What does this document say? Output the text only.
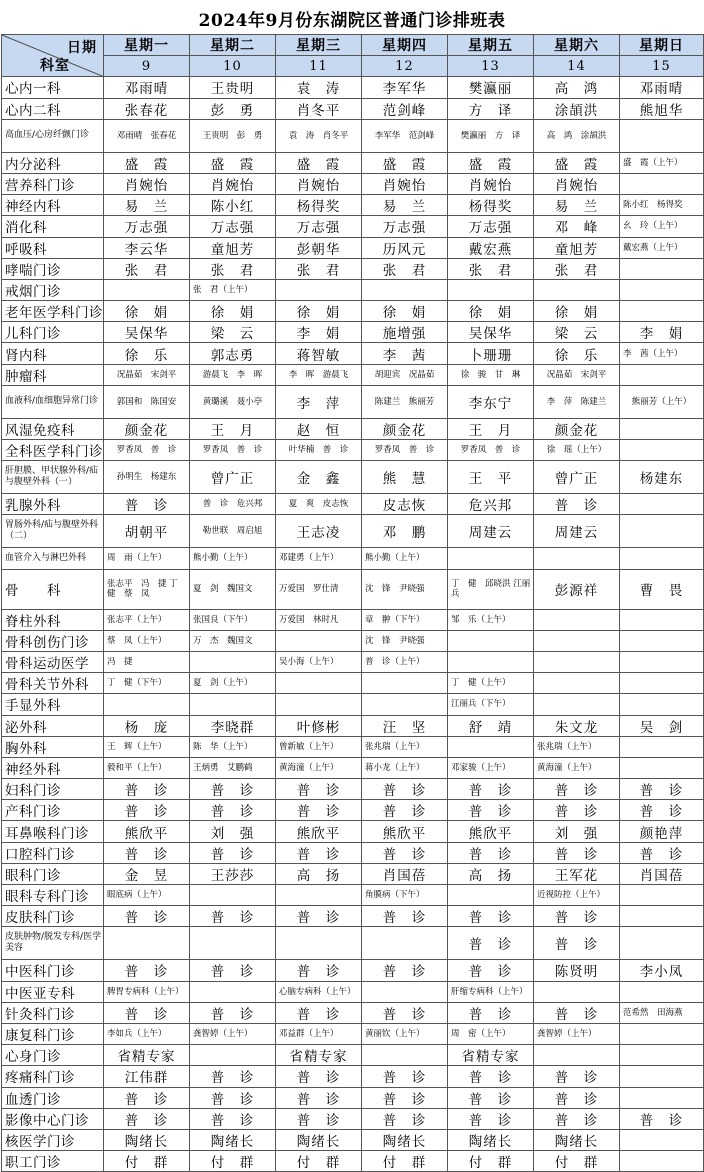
2024年9月份东湖院区普通门诊排班表
日期
科室	星期一	星期二	星期三	星期四	星期五	星期六	星期日
	9	10	11	12	13	14	15
心内一科	邓雨晴	王贵明	袁　涛	李军华	樊瀛丽	高　鸿	邓雨晴
心内二科	张春花	彭　勇	肖冬平	范剑峰	方　译	涂頡洪	熊旭华
高血压/心房纤颤门诊	邓雨晴　张春花	王贵明　彭　勇	袁　涛　肖冬平	李军华　范剑峰	樊瀛丽　方　译	高　鸿　涂頡洪	
内分泌科	盛　霞	盛　霞	盛　霞	盛　霞	盛　霞	盛　霞	盛　霞（上午）
营养科门诊	肖婉怡	肖婉怡	肖婉怡	肖婉怡	肖婉怡	肖婉怡	
神经内科	易　兰	陈小红	杨得奖	易　兰	杨得奖	易　兰	陈小红　杨得奖
消化科	万志强	万志强	万志强	万志强	万志强	邓　峰	幺　玲（上午）
呼吸科	李云华	童旭芳	彭朝华	历风元	戴宏燕	童旭芳	戴宏燕（上午）
哮喘门诊	张　君	张　君	张　君	张　君	张　君	张　君	
戒烟门诊		张　君（上午）					
老年医学科门诊	徐　娟	徐　娟	徐　娟	徐　娟	徐　娟	徐　娟	
儿科门诊	吴保华	梁　云	李　娟	施增强	吴保华	梁　云	李　娟
肾内科	徐　乐	郭志勇	蒋智敏	李　茜	卜珊珊	徐　乐	李　茜（上午）
肿瘤科	况晶茹　宋剑平	游晨飞　李　晖	李　晖　游晨飞	胡迎宾　况晶茹	徐　骏　甘　琳	况晶茹　宋剑平	
血液科/血细胞异常门诊	郭国和　陈国安	黄璐溪　聂小亭	李　萍	陈建兰　熊丽芳	李东宁	李　萍　陈建兰	熊丽芳（上午）
风湿免疫科	颜金花	王　月	赵　恒	颜金花	王　月	颜金花	
全科医学科门诊	罗香凤　普　诊	罗香凤　普　诊	叶华楠　普　诊	罗香凤　普　诊	罗香凤　普　诊	徐　瑶（上午）	
肝胆膜、甲状腺外科/疝与腹壁外科（一）	孙明生　杨建东	曾广正	金　鑫	熊　慧	王　平	曾广正	杨建东
乳腺外科	普　诊	普　诊　危兴邦	夏　爽　皮志恢	皮志恢	危兴邦	普　诊	
胃肠外科/疝与腹壁外科（二）	胡朝平	勒世联　周启旭	王志凌	邓　鹏	周建云	周建云	
血管介入与淋巴外科	周　雨（上午）	熊小勤（上午）	邓建勇（上午）	熊小勤（上午）			
骨　　科	张志平　冯　捷 丁　健　蔡　凤	夏　剑　魏国文	万爱国　罗仕清	沈　锋　尹晓强	丁　健　邱晓洪 江丽兵	彭源祥	曹　畏
脊柱外科	张志平（上午）	张国良（下午）	万爱国　林时凡	章　翀（下午）	邹　乐（上午）		
骨科创伤门诊	蔡　凤（上午）	万　杰　魏国文		沈　锋　尹晓强			
骨科运动医学	冯　捷		吴小海（上午）	普　诊（上午）			
骨科关节外科	丁　健（下午）	夏　剑（上午）			丁　健（上午）		
手显外科					江丽兵（下午）		
泌外科	杨　庞	李晓群	叶修彬	汪　坚	舒　靖	朱文龙	吴　剑
胸外科	王　辉（上午）	陈　华（上午）	曾新敏（上午）	张兆瑞（上午）		张兆瑞（上午）	
神经外科	毅和平（上午）	王炳勇　艾鹏鹤	黄海潼（上午）	蒋小龙（上午）	邓家骏（上午）	黄海潼（上午）	
妇科门诊	普　诊	普　诊	普　诊	普　诊	普　诊	普　诊	普　诊
产科门诊	普　诊	普　诊	普　诊	普　诊	普　诊	普　诊	普　诊
耳鼻喉科门诊	熊欣平	刘　强	熊欣平	熊欣平	熊欣平	刘　强	颜艳萍
口腔科门诊	普　诊	普　诊	普　诊	普　诊	普　诊	普　诊	普　诊
眼科门诊	金　昱	王莎莎	高　扬	肖国蓓	高　扬	王军花	肖国蓓
眼科专科门诊	眼底病（上午）			角膜病（下午）		近视防控（上午）	
皮肤科门诊	普　诊	普　诊	普　诊	普　诊	普　诊	普　诊	
皮肤肿物/脱发专科/医学美容					普　诊	普　诊	
中医科门诊	普　诊	普　诊	普　诊	普　诊	普　诊	陈贤明	李小凤
中医亚专科	脾胃专病科（上午）		心脑专病科（上午）		肝缩专病科（上午）		
针灸科门诊	普　诊	普　诊	普　诊	普　诊	普　诊	普　诊	范希然　田海燕
康复科门诊	李如兵（上午）	龚智婷（上午）	邓益群（上午）	黄丽钦（上午）	周　密（上午）	龚智婷（上午）	
心身门诊	省精专家		省精专家		省精专家		
疼痛科门诊	江伟群	普　诊	普　诊	普　诊	普　诊	普　诊	
血透门诊	普　诊	普　诊	普　诊	普　诊	普　诊	普　诊	
影像中心门诊	普　诊	普　诊	普　诊	普　诊	普　诊	普　诊	普　诊
核医学门诊	陶绪长	陶绪长	陶绪长	陶绪长	陶绪长	陶绪长	
职工门诊	付　群	付　群	付　群	付　群	付　群	付　群	
